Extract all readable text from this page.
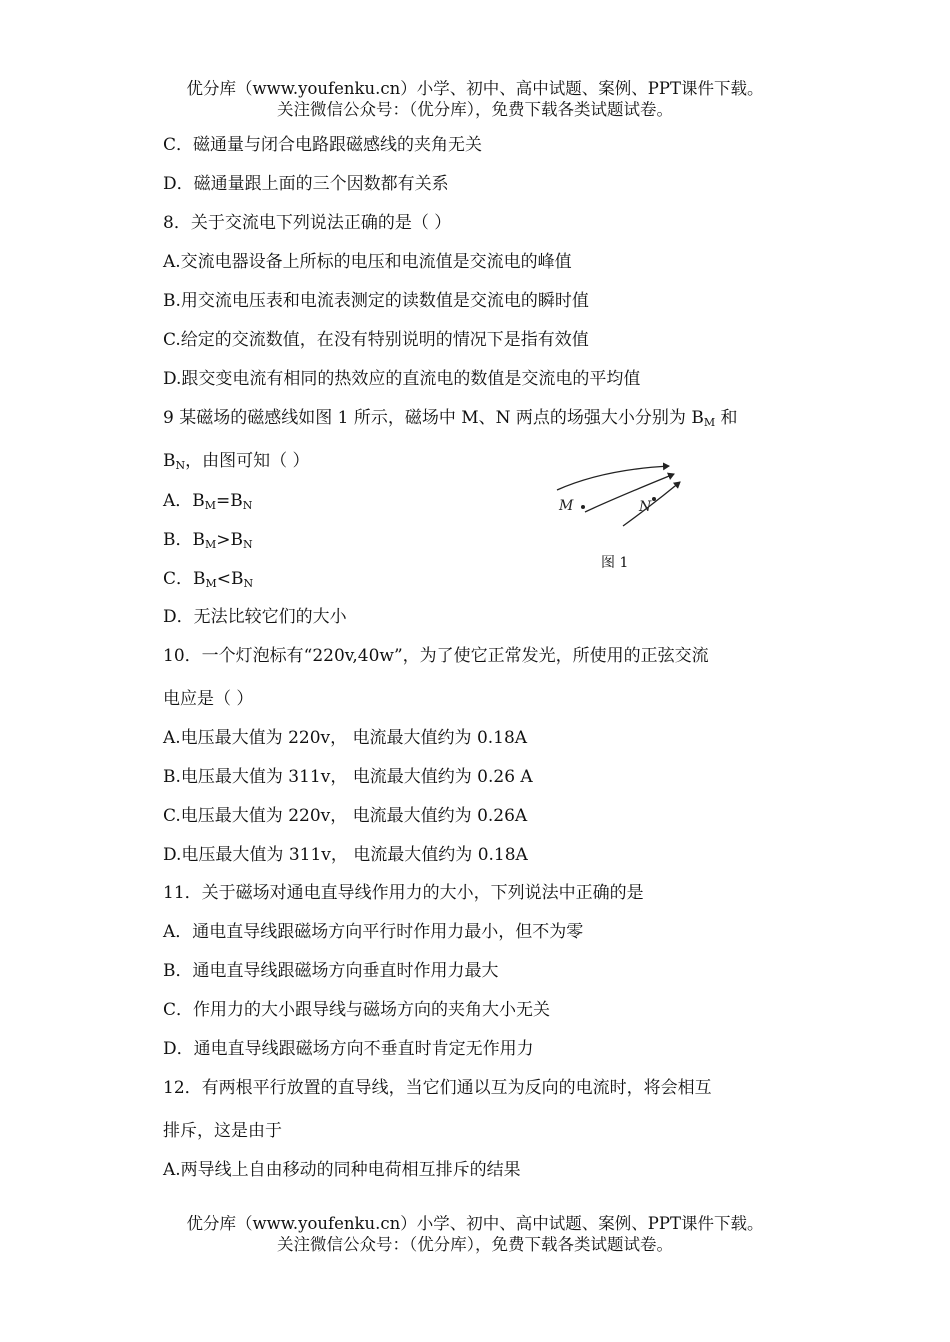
优分库（www.youfenku.cn）小学、初中、高中试题、案例、PPT课件下载。
关注微信公众号：（优分库），免费下载各类试题试卷。
C．磁通量与闭合电路跟磁感线的夹角无关
D．磁通量跟上面的三个因数都有关系
8．关于交流电下列说法正确的是（ ）
A.交流电器设备上所标的电压和电流值是交流电的峰值
B.用交流电压表和电流表测定的读数值是交流电的瞬时值
C.给定的交流数值，在没有特别说明的情况下是指有效值
D.跟交变电流有相同的热效应的直流电的数值是交流电的平均值
9 某磁场的磁感线如图 1 所示，磁场中 M、N 两点的场强大小分别为 $B_M$ 和
$B_N$，由图可知（ ）
A．$B_M=B_N$
B．$B_M>B_N$
C．$B_M<B_N$
D．无法比较它们的大小
M	N
图 1
10．一个灯泡标有“220v,40w”，为了使它正常发光，所使用的正弦交流
电应是（ ）
A.电压最大值为 220v， 电流最大值约为 0.18A
B.电压最大值为 311v， 电流最大值约为 0.26 A
C.电压最大值为 220v， 电流最大值约为 0.26A
D.电压最大值为 311v， 电流最大值约为 0.18A
11．关于磁场对通电直导线作用力的大小，下列说法中正确的是
A．通电直导线跟磁场方向平行时作用力最小，但不为零
B．通电直导线跟磁场方向垂直时作用力最大
C．作用力的大小跟导线与磁场方向的夹角大小无关
D．通电直导线跟磁场方向不垂直时肯定无作用力
12．有两根平行放置的直导线，当它们通以互为反向的电流时，将会相互
排斥，这是由于
A.两导线上自由移动的同种电荷相互排斥的结果
优分库（www.youfenku.cn）小学、初中、高中试题、案例、PPT课件下载。
关注微信公众号：（优分库），免费下载各类试题试卷。
